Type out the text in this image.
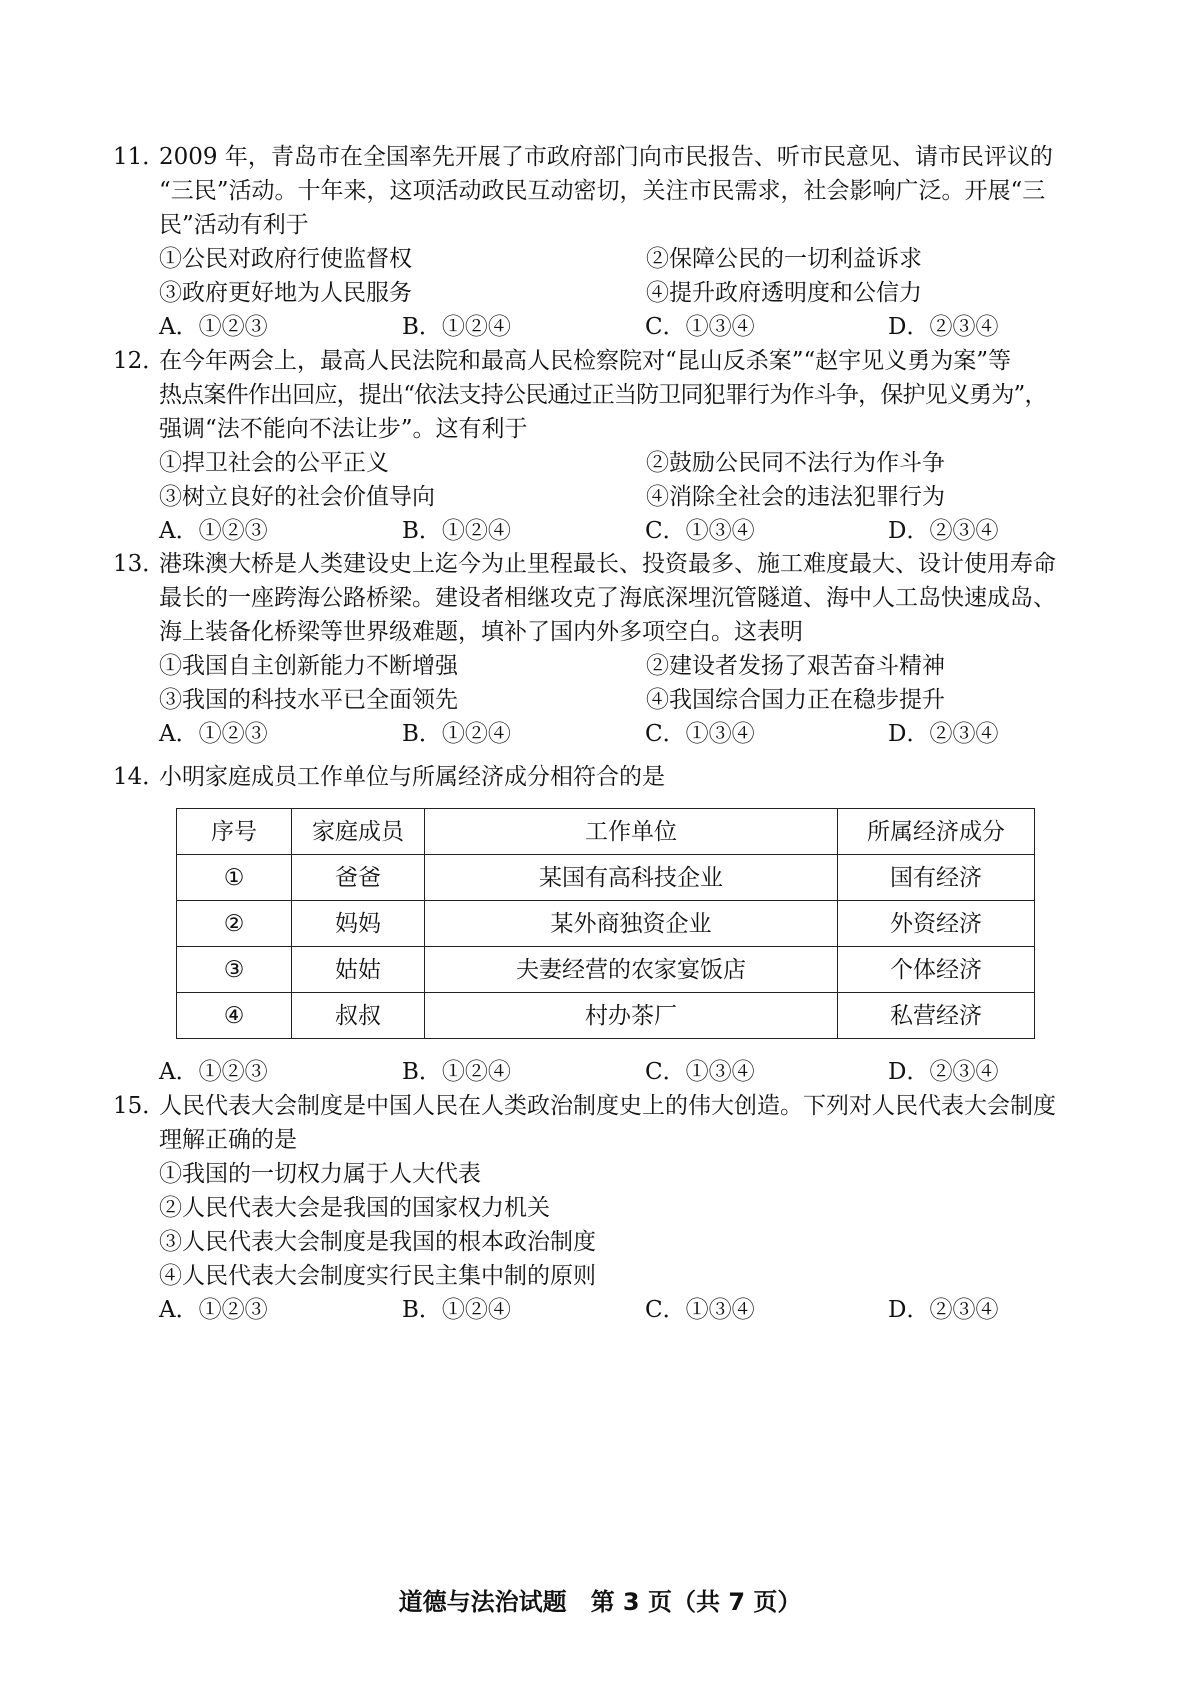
11．
2009 年，青岛市在全国率先开展了市政府部门向市民报告、听市民意见、请市民评议的
“三民”活动。十年来，这项活动政民互动密切，关注市民需求，社会影响广泛。开展“三
民”活动有利于
①公民对政府行使监督权	②保障公民的一切利益诉求
③政府更好地为人民服务	④提升政府透明度和公信力
A．①②③	B．①②④	C．①③④	D．②③④
12．
在今年两会上，最高人民法院和最高人民检察院对“昆山反杀案”“赵宇见义勇为案”等
热点案件作出回应，提出“依法支持公民通过正当防卫同犯罪行为作斗争，保护见义勇为”，
强调“法不能向不法让步”。这有利于
①捍卫社会的公平正义	②鼓励公民同不法行为作斗争
③树立良好的社会价值导向	④消除全社会的违法犯罪行为
A．①②③	B．①②④	C．①③④	D．②③④
13．
港珠澳大桥是人类建设史上迄今为止里程最长、投资最多、施工难度最大、设计使用寿命
最长的一座跨海公路桥梁。建设者相继攻克了海底深埋沉管隧道、海中人工岛快速成岛、
海上装备化桥梁等世界级难题，填补了国内外多项空白。这表明
①我国自主创新能力不断增强	②建设者发扬了艰苦奋斗精神
③我国的科技水平已全面领先	④我国综合国力正在稳步提升
A．①②③	B．①②④	C．①③④	D．②③④
14．
小明家庭成员工作单位与所属经济成分相符合的是
序号	家庭成员	工作单位	所属经济成分
①	爸爸	某国有高科技企业	国有经济
②	妈妈	某外商独资企业	外资经济
③	姑姑	夫妻经营的农家宴饭店	个体经济
④	叔叔	村办茶厂	私营经济
A．①②③	B．①②④	C．①③④	D．②③④
15．
人民代表大会制度是中国人民在人类政治制度史上的伟大创造。下列对人民代表大会制度
理解正确的是
①我国的一切权力属于人大代表
②人民代表大会是我国的国家权力机关
③人民代表大会制度是我国的根本政治制度
④人民代表大会制度实行民主集中制的原则
A．①②③	B．①②④	C．①③④	D．②③④
道德与法治试题　第 3 页（共 7 页）
